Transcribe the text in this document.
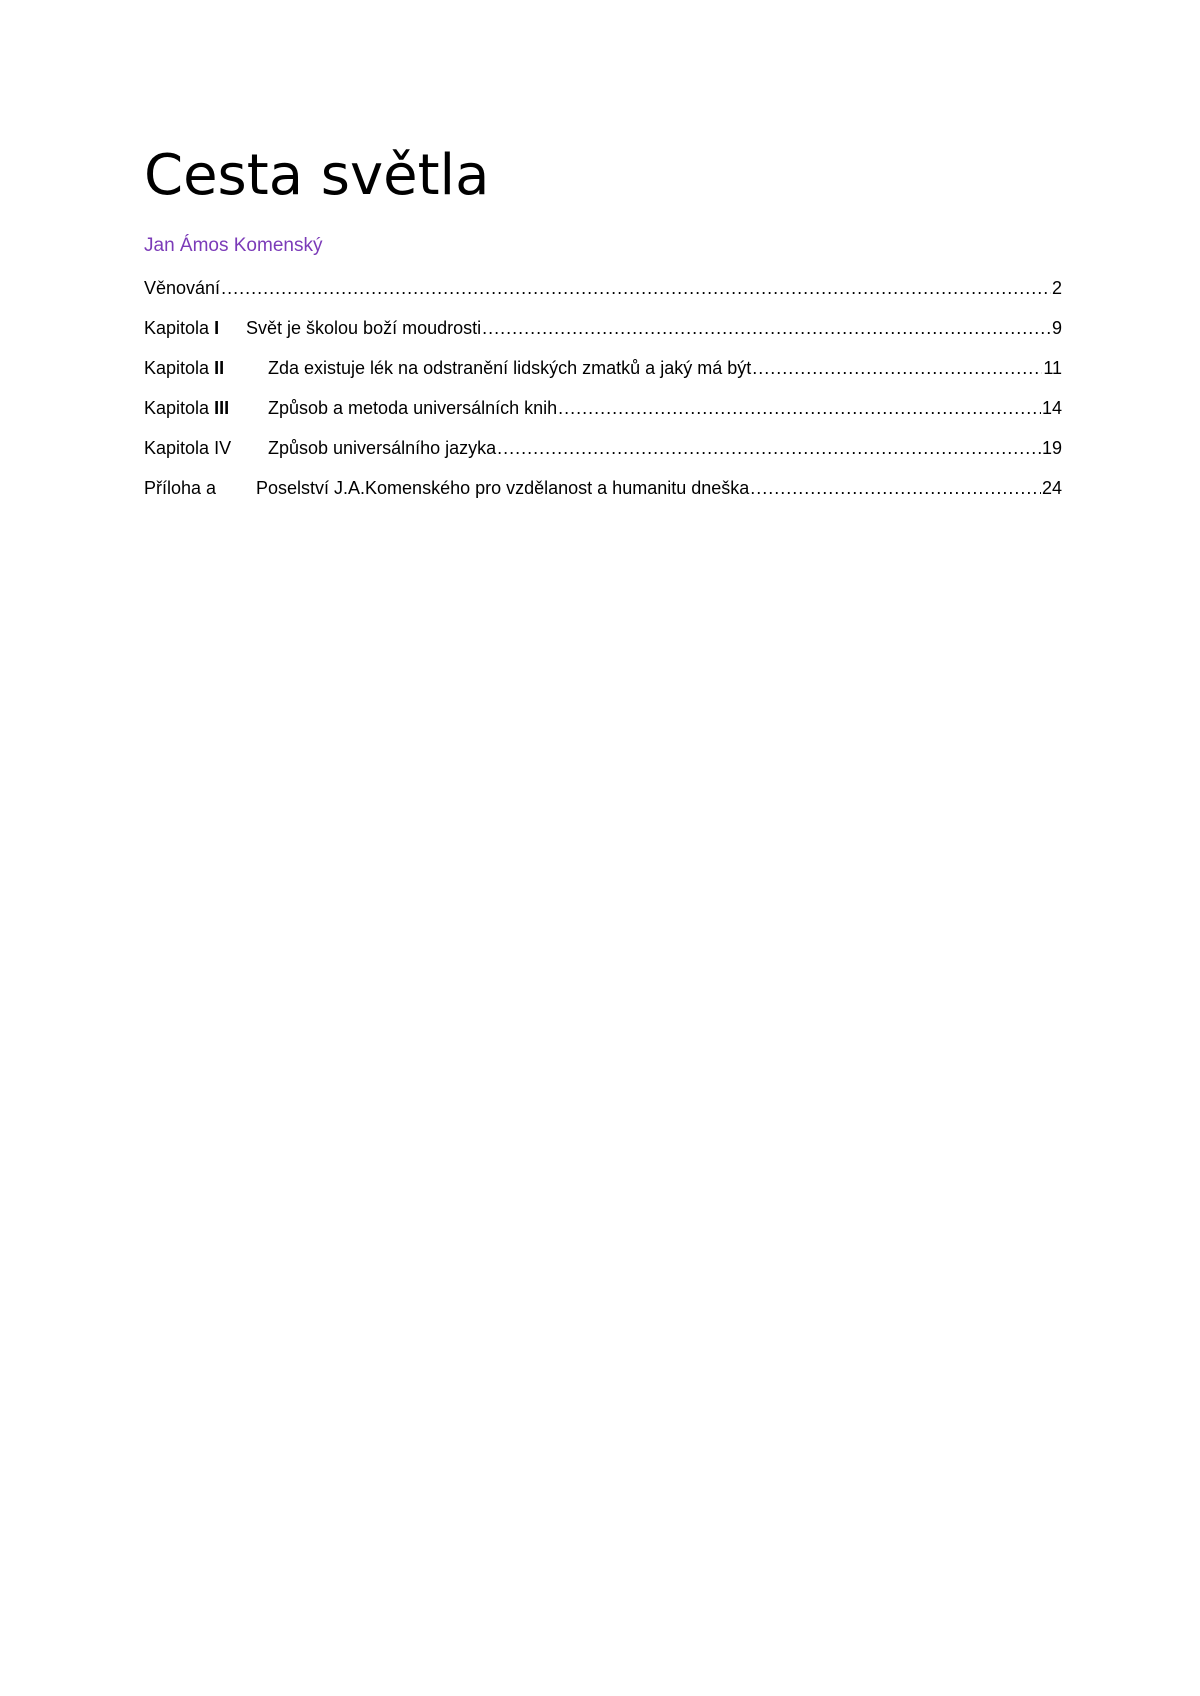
Cesta světla
Jan Ámos Komenský
Věnování .....	2
Kapitola I	Svět je školou boží moudrosti .....	9
Kapitola II	Zda existuje lék na odstranění lidských zmatků a jaký má být .....	11
Kapitola III	Způsob a metoda universálních knih .....	14
Kapitola IV	Způsob universálního jazyka .....	19
Příloha a	Poselství J.A.Komenského pro vzdělanost a humanitu dneška .....	24
